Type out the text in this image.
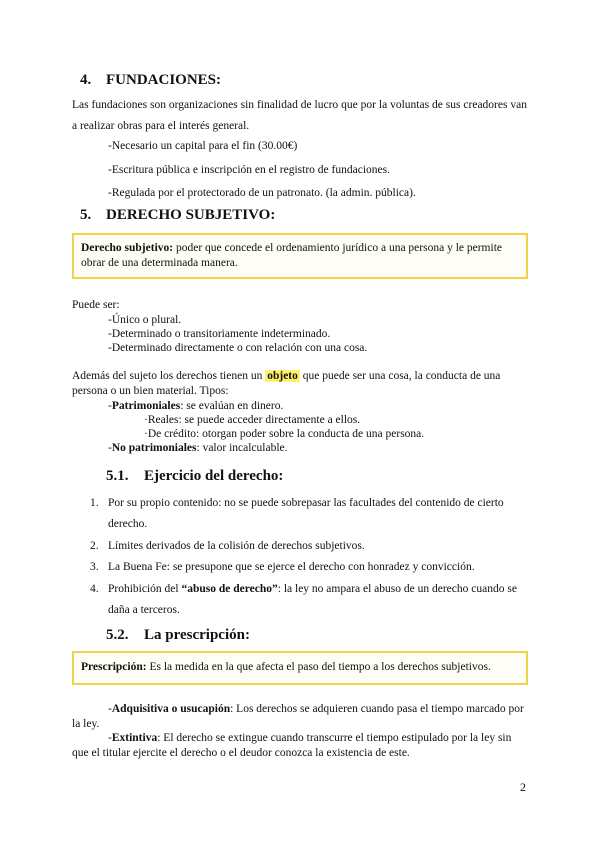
4. FUNDACIONES:
Las fundaciones son organizaciones sin finalidad de lucro que por la voluntas de sus creadores van a realizar obras para el interés general.
-Necesario un capital para el fin (30.00€)
-Escritura pública e inscripción en el registro de fundaciones.
-Regulada por el protectorado de un patronato. (la admin. pública).
5. DERECHO SUBJETIVO:
Derecho subjetivo: poder que concede el ordenamiento jurídico a una persona y le permite obrar de una determinada manera.
Puede ser:
-Único o plural.
-Determinado o transitoriamente indeterminado.
-Determinado directamente o con relación con una cosa.
Además del sujeto los derechos tienen un objeto que puede ser una cosa, la conducta de una persona o un bien material. Tipos:
-Patrimoniales: se evalúan en dinero.
·Reales: se puede acceder directamente a ellos.
·De crédito: otorgan poder sobre la conducta de una persona.
-No patrimoniales: valor incalculable.
5.1. Ejercicio del derecho:
1. Por su propio contenido: no se puede sobrepasar las facultades del contenido de cierto derecho.
2. Límites derivados de la colisión de derechos subjetivos.
3. La Buena Fe: se presupone que se ejerce el derecho con honradez y convicción.
4. Prohibición del “abuso de derecho”: la ley no ampara el abuso de un derecho cuando se daña a terceros.
5.2. La prescripción:
Prescripción: Es la medida en la que afecta el paso del tiempo a los derechos subjetivos.
-Adquisitiva o usucapión: Los derechos se adquieren cuando pasa el tiempo marcado por la ley.
-Extintiva: El derecho se extingue cuando transcurre el tiempo estipulado por la ley sin que el titular ejercite el derecho o el deudor conozca la existencia de este.
2
